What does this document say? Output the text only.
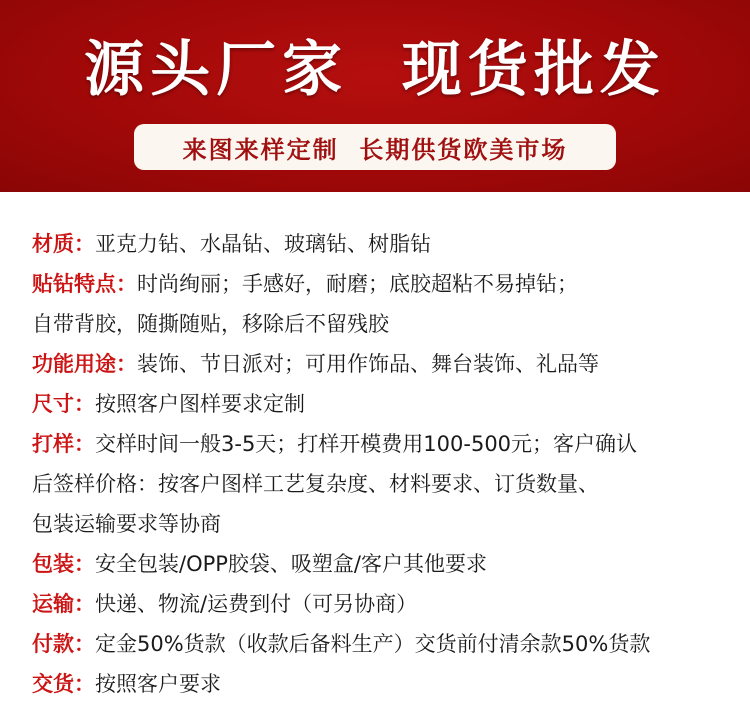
源头厂家  现货批发
来图来样定制  长期供货欧美市场
材质：亚克力钻、水晶钻、玻璃钻、树脂钻
贴钻特点：时尚绚丽；手感好，耐磨；底胶超粘不易掉钻；
自带背胶，随撕随贴，移除后不留残胶
功能用途：装饰、节日派对；可用作饰品、舞台装饰、礼品等
尺寸：按照客户图样要求定制
打样：交样时间一般3-5天；打样开模费用100-500元；客户确认
后签样价格：按客户图样工艺复杂度、材料要求、订货数量、
包装运输要求等协商
包装：安全包装/OPP胶袋、吸塑盒/客户其他要求
运输：快递、物流/运费到付（可另协商）
付款：定金50%货款（收款后备料生产）交货前付清余款50%货款
交货：按照客户要求
